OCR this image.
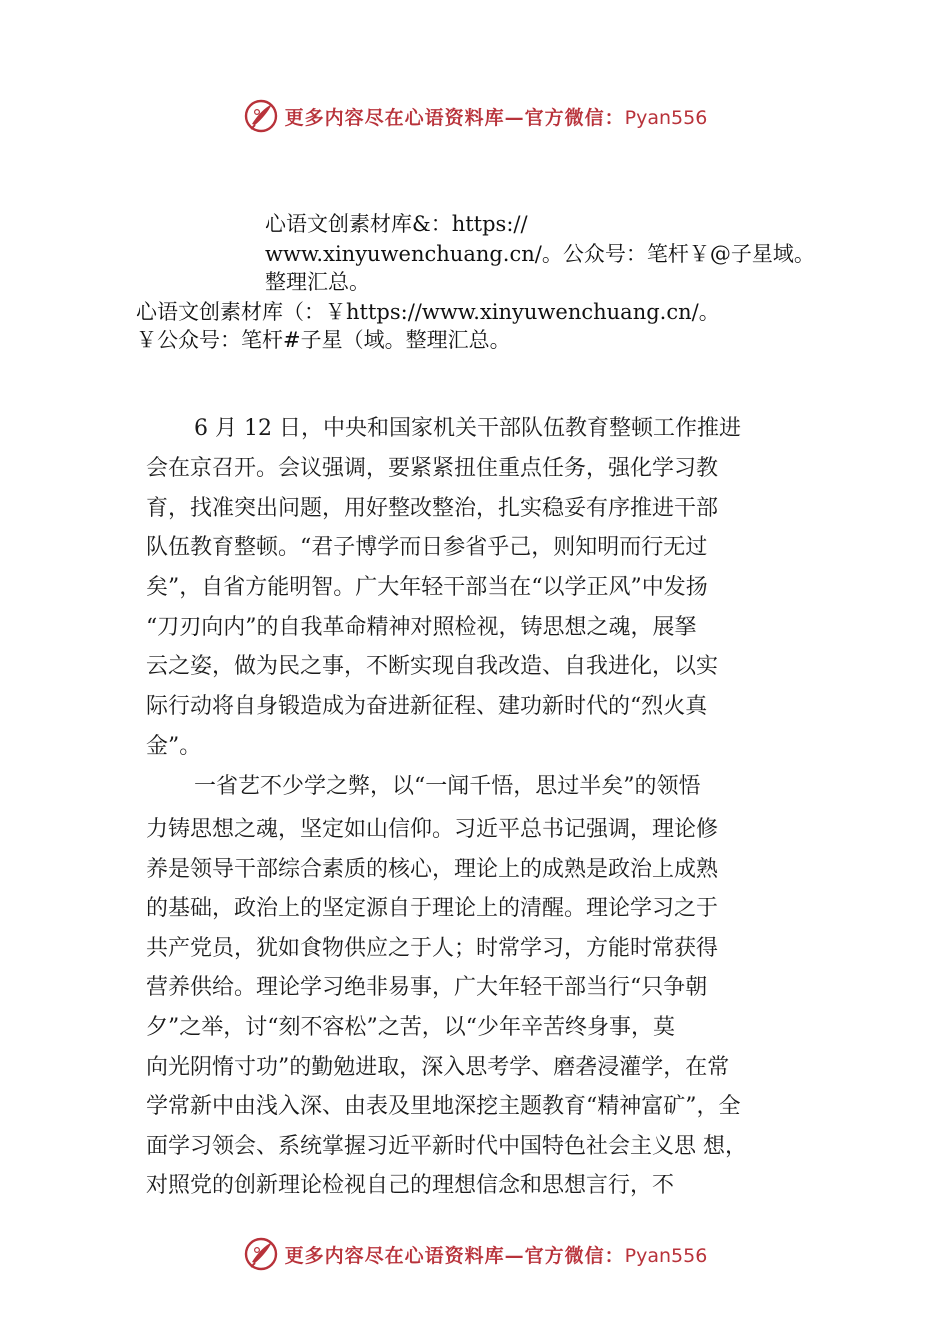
更多内容尽在心语资料库—官方微信：Pyan556
心语文创素材库&：https://
www.xinyuwenchuang.cn/。公众号：笔杆￥@子星域。
整理汇总。
心语文创素材库（：￥https://www.xinyuwenchuang.cn/。
￥公众号：笔杆#子星（域。整理汇总。
6 月 12 日，中央和国家机关干部队伍教育整顿工作推进
会在京召开。会议强调，要紧紧扭住重点任务，强化学习教
育，找准突出问题，用好整改整治，扎实稳妥有序推进干部
队伍教育整顿。“君子博学而日参省乎己，则知明而行无过
矣”，自省方能明智。广大年轻干部当在“以学正风”中发扬
“刀刃向内”的自我革命精神对照检视，铸思想之魂，展拏
云之姿，做为民之事，不断实现自我改造、自我进化，以实
际行动将自身锻造成为奋进新征程、建功新时代的“烈火真
金”。
一省艺不少学之弊，以“一闻千悟，思过半矣”的领悟
力铸思想之魂，坚定如山信仰。习近平总书记强调，理论修
养是领导干部综合素质的核心，理论上的成熟是政治上成熟
的基础，政治上的坚定源自于理论上的清醒。理论学习之于
共产党员，犹如食物供应之于人；时常学习，方能时常获得
营养供给。理论学习绝非易事，广大年轻干部当行“只争朝
夕”之举，讨“刻不容松”之苦，以“少年辛苦终身事，莫
向光阴惰寸功”的勤勉进取，深入思考学、磨砻浸灌学，在常
学常新中由浅入深、由表及里地深挖主题教育“精神富矿”，全
面学习领会、系统掌握习近平新时代中国特色社会主义思 想，
对照党的创新理论检视自己的理想信念和思想言行，不
更多内容尽在心语资料库—官方微信：Pyan556
